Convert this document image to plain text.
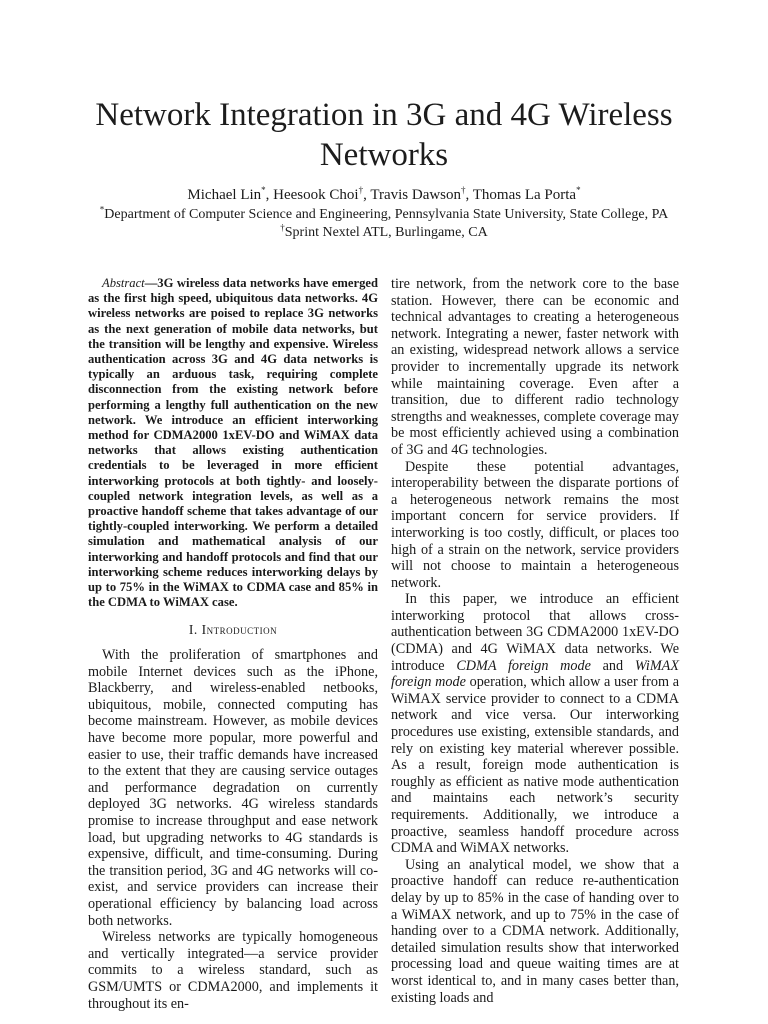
Network Integration in 3G and 4G Wireless Networks
Michael Lin*, Heesook Choi†, Travis Dawson†, Thomas La Porta*
*Department of Computer Science and Engineering, Pennsylvania State University, State College, PA
†Sprint Nextel ATL, Burlingame, CA

Abstract—3G wireless data networks have emerged as the first high speed, ubiquitous data networks. 4G wireless networks are poised to replace 3G networks as the next generation of mobile data networks, but the transition will be lengthy and expensive. Wireless authentication across 3G and 4G data networks is typically an arduous task, requiring complete disconnection from the existing network before performing a lengthy full authentication on the new network. We introduce an efficient interworking method for CDMA2000 1xEV-DO and WiMAX data networks that allows existing authentication credentials to be leveraged in more efficient interworking protocols at both tightly- and loosely-coupled network integration levels, as well as a proactive handoff scheme that takes advantage of our tightly-coupled interworking. We perform a detailed simulation and mathematical analysis of our interworking and handoff protocols and find that our interworking scheme reduces interworking delays by up to 75% in the WiMAX to CDMA case and 85% in the CDMA to WiMAX case.

I. Introduction

With the proliferation of smartphones and mobile Internet devices such as the iPhone, Blackberry, and wireless-enabled netbooks, ubiquitous, mobile, connected computing has become mainstream. However, as mobile devices have become more popular, more powerful and easier to use, their traffic demands have increased to the extent that they are causing service outages and performance degradation on currently deployed 3G networks. 4G wireless standards promise to increase throughput and ease network load, but upgrading networks to 4G standards is expensive, difficult, and time-consuming. During the transition period, 3G and 4G networks will co-exist, and service providers can increase their operational efficiency by balancing load across both networks.

Wireless networks are typically homogeneous and vertically integrated—a service provider commits to a wireless standard, such as GSM/UMTS or CDMA2000, and implements it throughout its en-

tire network, from the network core to the base station. However, there can be economic and technical advantages to creating a heterogeneous network. Integrating a newer, faster network with an existing, widespread network allows a service provider to incrementally upgrade its network while maintaining coverage. Even after a transition, due to different radio technology strengths and weaknesses, complete coverage may be most efficiently achieved using a combination of 3G and 4G technologies.

Despite these potential advantages, interoperability between the disparate portions of a heterogeneous network remains the most important concern for service providers. If interworking is too costly, difficult, or places too high of a strain on the network, service providers will not choose to maintain a heterogeneous network.

In this paper, we introduce an efficient interworking protocol that allows cross-authentication between 3G CDMA2000 1xEV-DO (CDMA) and 4G WiMAX data networks. We introduce CDMA foreign mode and WiMAX foreign mode operation, which allow a user from a WiMAX service provider to connect to a CDMA network and vice versa. Our interworking procedures use existing, extensible standards, and rely on existing key material wherever possible. As a result, foreign mode authentication is roughly as efficient as native mode authentication and maintains each network’s security requirements. Additionally, we introduce a proactive, seamless handoff procedure across CDMA and WiMAX networks.

Using an analytical model, we show that a proactive handoff can reduce re-authentication delay by up to 85% in the case of handing over to a WiMAX network, and up to 75% in the case of handing over to a CDMA network. Additionally, detailed simulation results show that interworked processing load and queue waiting times are at worst identical to, and in many cases better than, existing loads and
